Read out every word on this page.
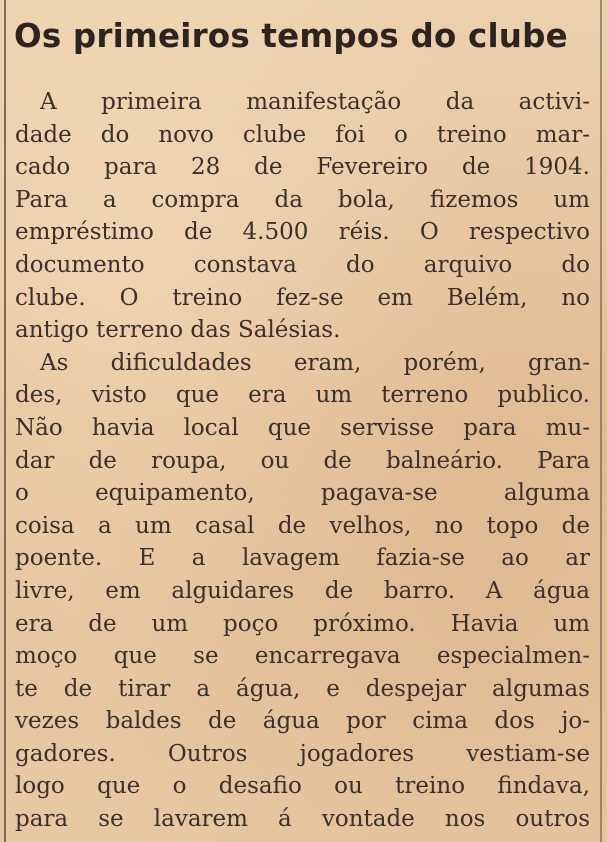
Os primeiros tempos do clube
A primeira manifestação da activi-
dade do novo clube foi o treino mar-
cado para 28 de Fevereiro de 1904.
Para a compra da bola, fizemos um
empréstimo de 4.500 réis. O respectivo
documento constava do arquivo do
clube. O treino fez-se em Belém, no
antigo terreno das Salésias.
As dificuldades eram, porém, gran-
des, visto que era um terreno publico.
Não havia local que servisse para mu-
dar de roupa, ou de balneário. Para
o equipamento, pagava-se alguma
coisa a um casal de velhos, no topo de
poente. E a lavagem fazia-se ao ar
livre, em alguidares de barro. A água
era de um poço próximo. Havia um
moço que se encarregava especialmen-
te de tirar a água, e despejar algumas
vezes baldes de água por cima dos jo-
gadores. Outros jogadores vestiam-se
logo que o desafio ou treino findava,
para se lavarem á vontade nos outros
